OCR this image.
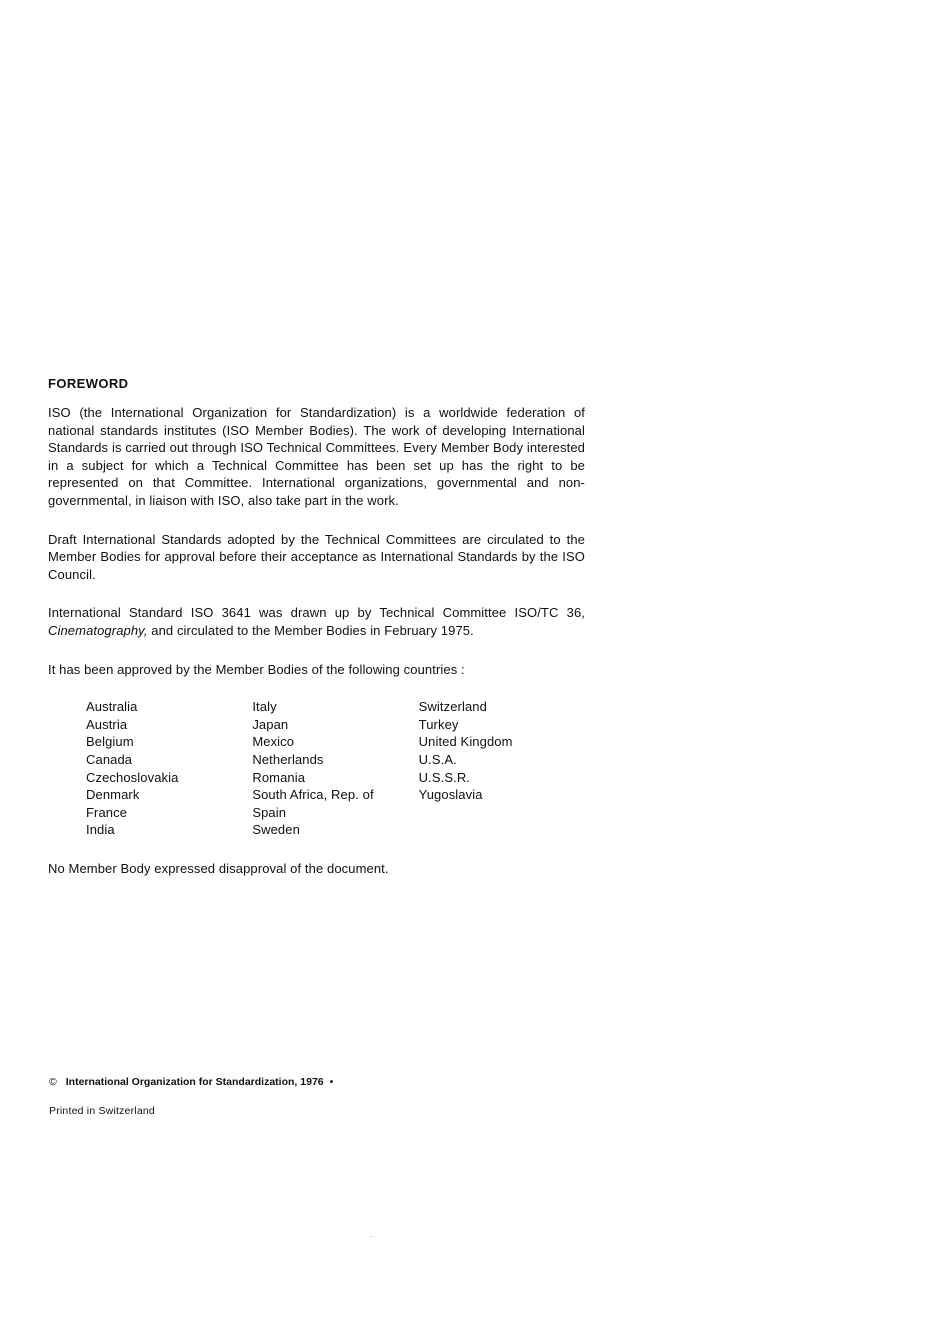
FOREWORD

ISO (the International Organization for Standardization) is a worldwide federation of national standards institutes (ISO Member Bodies). The work of developing International Standards is carried out through ISO Technical Committees. Every Member Body interested in a subject for which a Technical Committee has been set up has the right to be represented on that Committee. International organizations, governmental and non-governmental, in liaison with ISO, also take part in the work.

Draft International Standards adopted by the Technical Committees are circulated to the Member Bodies for approval before their acceptance as International Standards by the ISO Council.

International Standard ISO 3641 was drawn up by Technical Committee ISO/TC 36, Cinematography, and circulated to the Member Bodies in February 1975.

It has been approved by the Member Bodies of the following countries :

Australia
Austria
Belgium
Canada
Czechoslovakia
Denmark
France
India
Italy
Japan
Mexico
Netherlands
Romania
South Africa, Rep. of
Spain
Sweden
Switzerland
Turkey
United Kingdom
U.S.A.
U.S.S.R.
Yugoslavia

No Member Body expressed disapproval of the document.

© International Organization for Standardization, 1976 •
Printed in Switzerland
